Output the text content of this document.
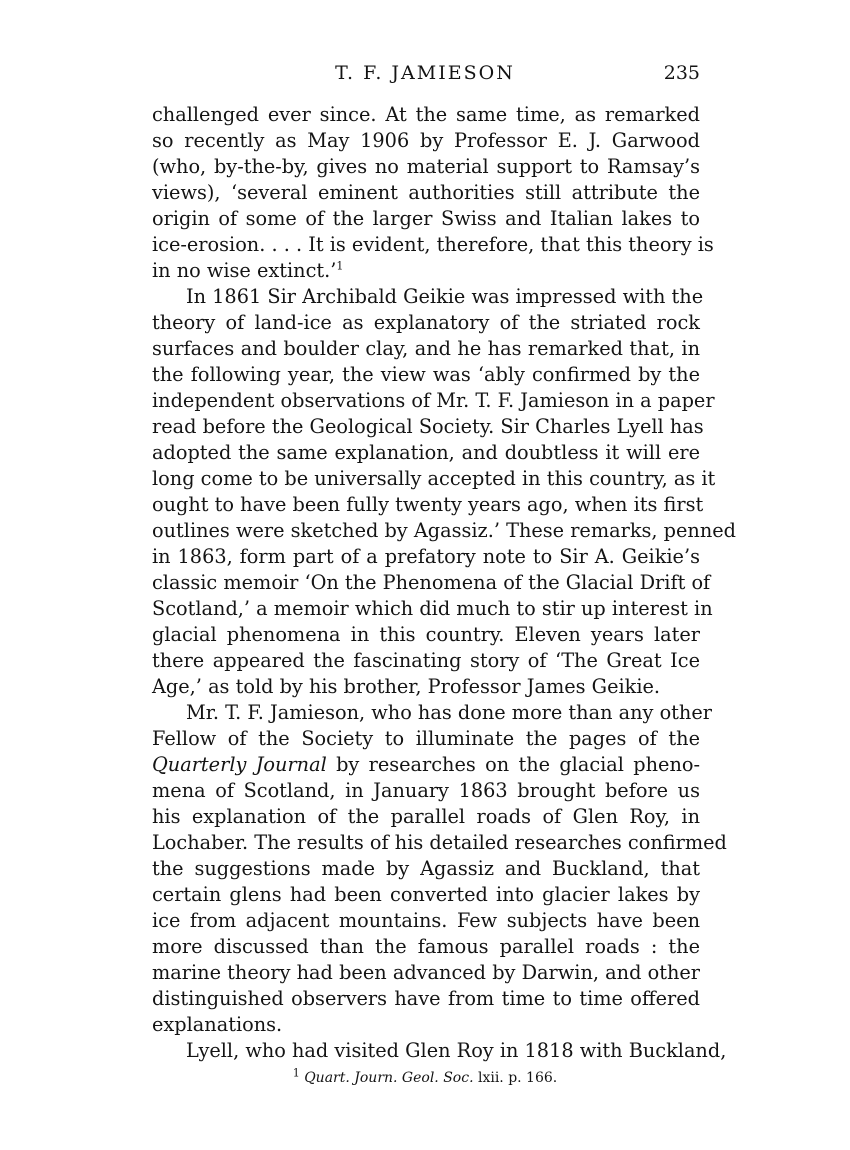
T. F. JAMIESON	235
challenged ever since. At the same time, as remarked
so recently as May 1906 by Professor E. J. Garwood
(who, by-the-by, gives no material support to Ramsay’s
views), ‘several eminent authorities still attribute the
origin of some of the larger Swiss and Italian lakes to
ice-erosion. . . . It is evident, therefore, that this theory is
in no wise extinct.’$^1$
In 1861 Sir Archibald Geikie was impressed with the
theory of land-ice as explanatory of the striated rock
surfaces and boulder clay, and he has remarked that, in
the following year, the view was ‘ably confirmed by the
independent observations of Mr. T. F. Jamieson in a paper
read before the Geological Society. Sir Charles Lyell has
adopted the same explanation, and doubtless it will ere
long come to be universally accepted in this country, as it
ought to have been fully twenty years ago, when its first
outlines were sketched by Agassiz.’ These remarks, penned
in 1863, form part of a prefatory note to Sir A. Geikie’s
classic memoir ‘On the Phenomena of the Glacial Drift of
Scotland,’ a memoir which did much to stir up interest in
glacial phenomena in this country. Eleven years later
there appeared the fascinating story of ‘The Great Ice
Age,’ as told by his brother, Professor James Geikie.
Mr. T. F. Jamieson, who has done more than any other
Fellow of the Society to illuminate the pages of the
Quarterly Journal by researches on the glacial pheno-
mena of Scotland, in January 1863 brought before us
his explanation of the parallel roads of Glen Roy, in
Lochaber. The results of his detailed researches confirmed
the suggestions made by Agassiz and Buckland, that
certain glens had been converted into glacier lakes by
ice from adjacent mountains. Few subjects have been
more discussed than the famous parallel roads : the
marine theory had been advanced by Darwin, and other
distinguished observers have from time to time offered
explanations.
Lyell, who had visited Glen Roy in 1818 with Buckland,
$^1$ Quart. Journ. Geol. Soc. lxii. p. 166.
